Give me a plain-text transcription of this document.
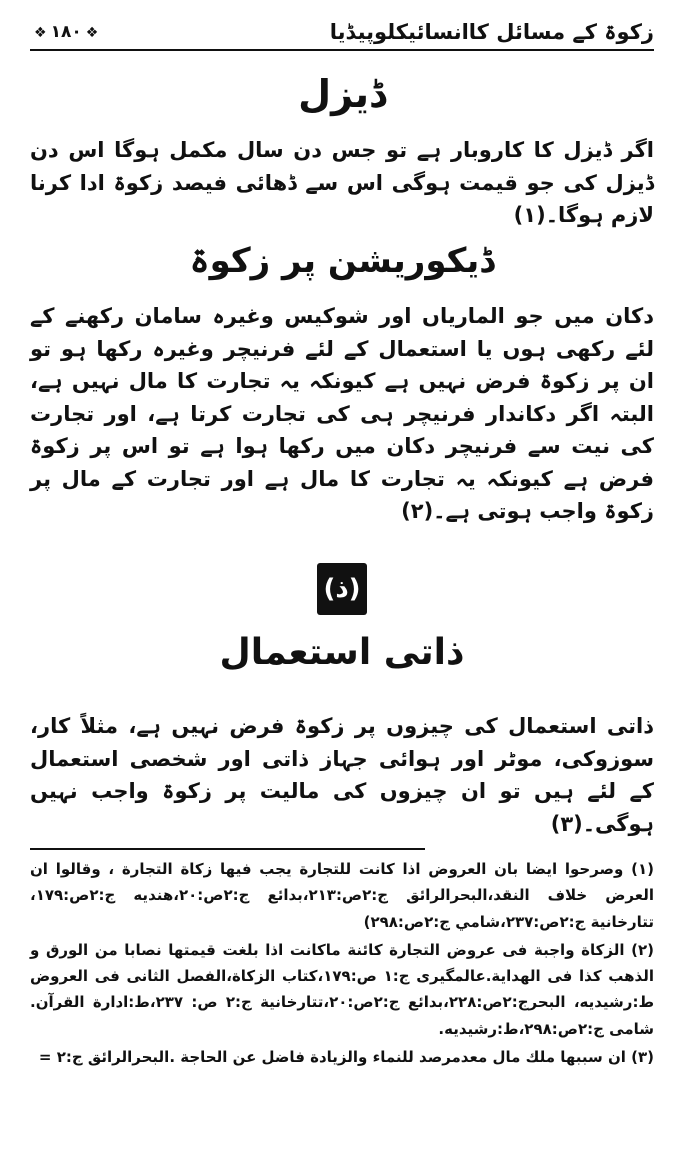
زکوۃ کے مسائل کاانسائیکلوپیڈیا
❖ ۱۸۰ ❖
ڈیزل
اگر ڈیزل کا کاروبار ہے تو جس دن سال مکمل ہوگا اس دن ڈیزل کی جو قیمت ہوگی اس سے ڈھائی فیصد زکوۃ ادا کرنا لازم ہوگا۔(۱)
ڈیکوریشن پر زکوۃ
دکان میں جو الماریاں اور شوکیس وغیرہ سامان رکھنے کے لئے رکھی ہوں یا استعمال کے لئے فرنیچر وغیرہ رکھا ہو تو ان پر زکوۃ فرض نہیں ہے کیونکہ یہ تجارت کا مال نہیں ہے، البتہ اگر دکاندار فرنیچر ہی کی تجارت کرتا ہے، اور تجارت کی نیت سے فرنیچر دکان میں رکھا ہوا ہے تو اس پر زکوۃ فرض ہے کیونکہ یہ تجارت کا مال ہے اور تجارت کے مال پر زکوۃ واجب ہوتی ہے۔(۲)
(ذ)
ذاتی استعمال
ذاتی استعمال کی چیزوں پر زکوۃ فرض نہیں ہے، مثلاً کار، سوزوکی، موٹر اور ہوائی جہاز ذاتی اور شخصی استعمال کے لئے ہیں تو ان چیزوں کی مالیت پر زکوۃ واجب نہیں ہوگی۔(۳)

(۱) وصرحوا ايضا بان العروض اذا كانت للتجارة يجب فيها زكاة التجارة ، وقالوا ان العرض خلاف النقد،البحرالرائق ج:۲ص:۲۱۳،بدائع ج:۲ص:۲۰،هنديه ج:۲ص:۱۷۹، تتارخانية ج:۲ص:۲۳۷،شامي ج:۲ص:۲۹۸)

(۲) الزكاة واجبة فی عروض التجارة كائنة ماكانت اذا بلغت قيمتها نصابا من الورق و الذهب كذا فی الهداية.عالمگيری ج:۱ ص:۱۷۹،كتاب الزكاة،الفصل الثانی فی العروض ط:رشيديه، البحرج:۲ص:۲۲۸،بدائع ج:۲ص:۲۰،تتارخانية ج:۲ ص: ۲۳۷،ط:ادارة القرآن. شامی ج:۲ص:۲۹۸،ط:رشيديه.

(۳) ان سببها ملك مال معدمرصد للنماء والزيادة فاضل عن الحاجة .البحرالرائق ج:۲ =
